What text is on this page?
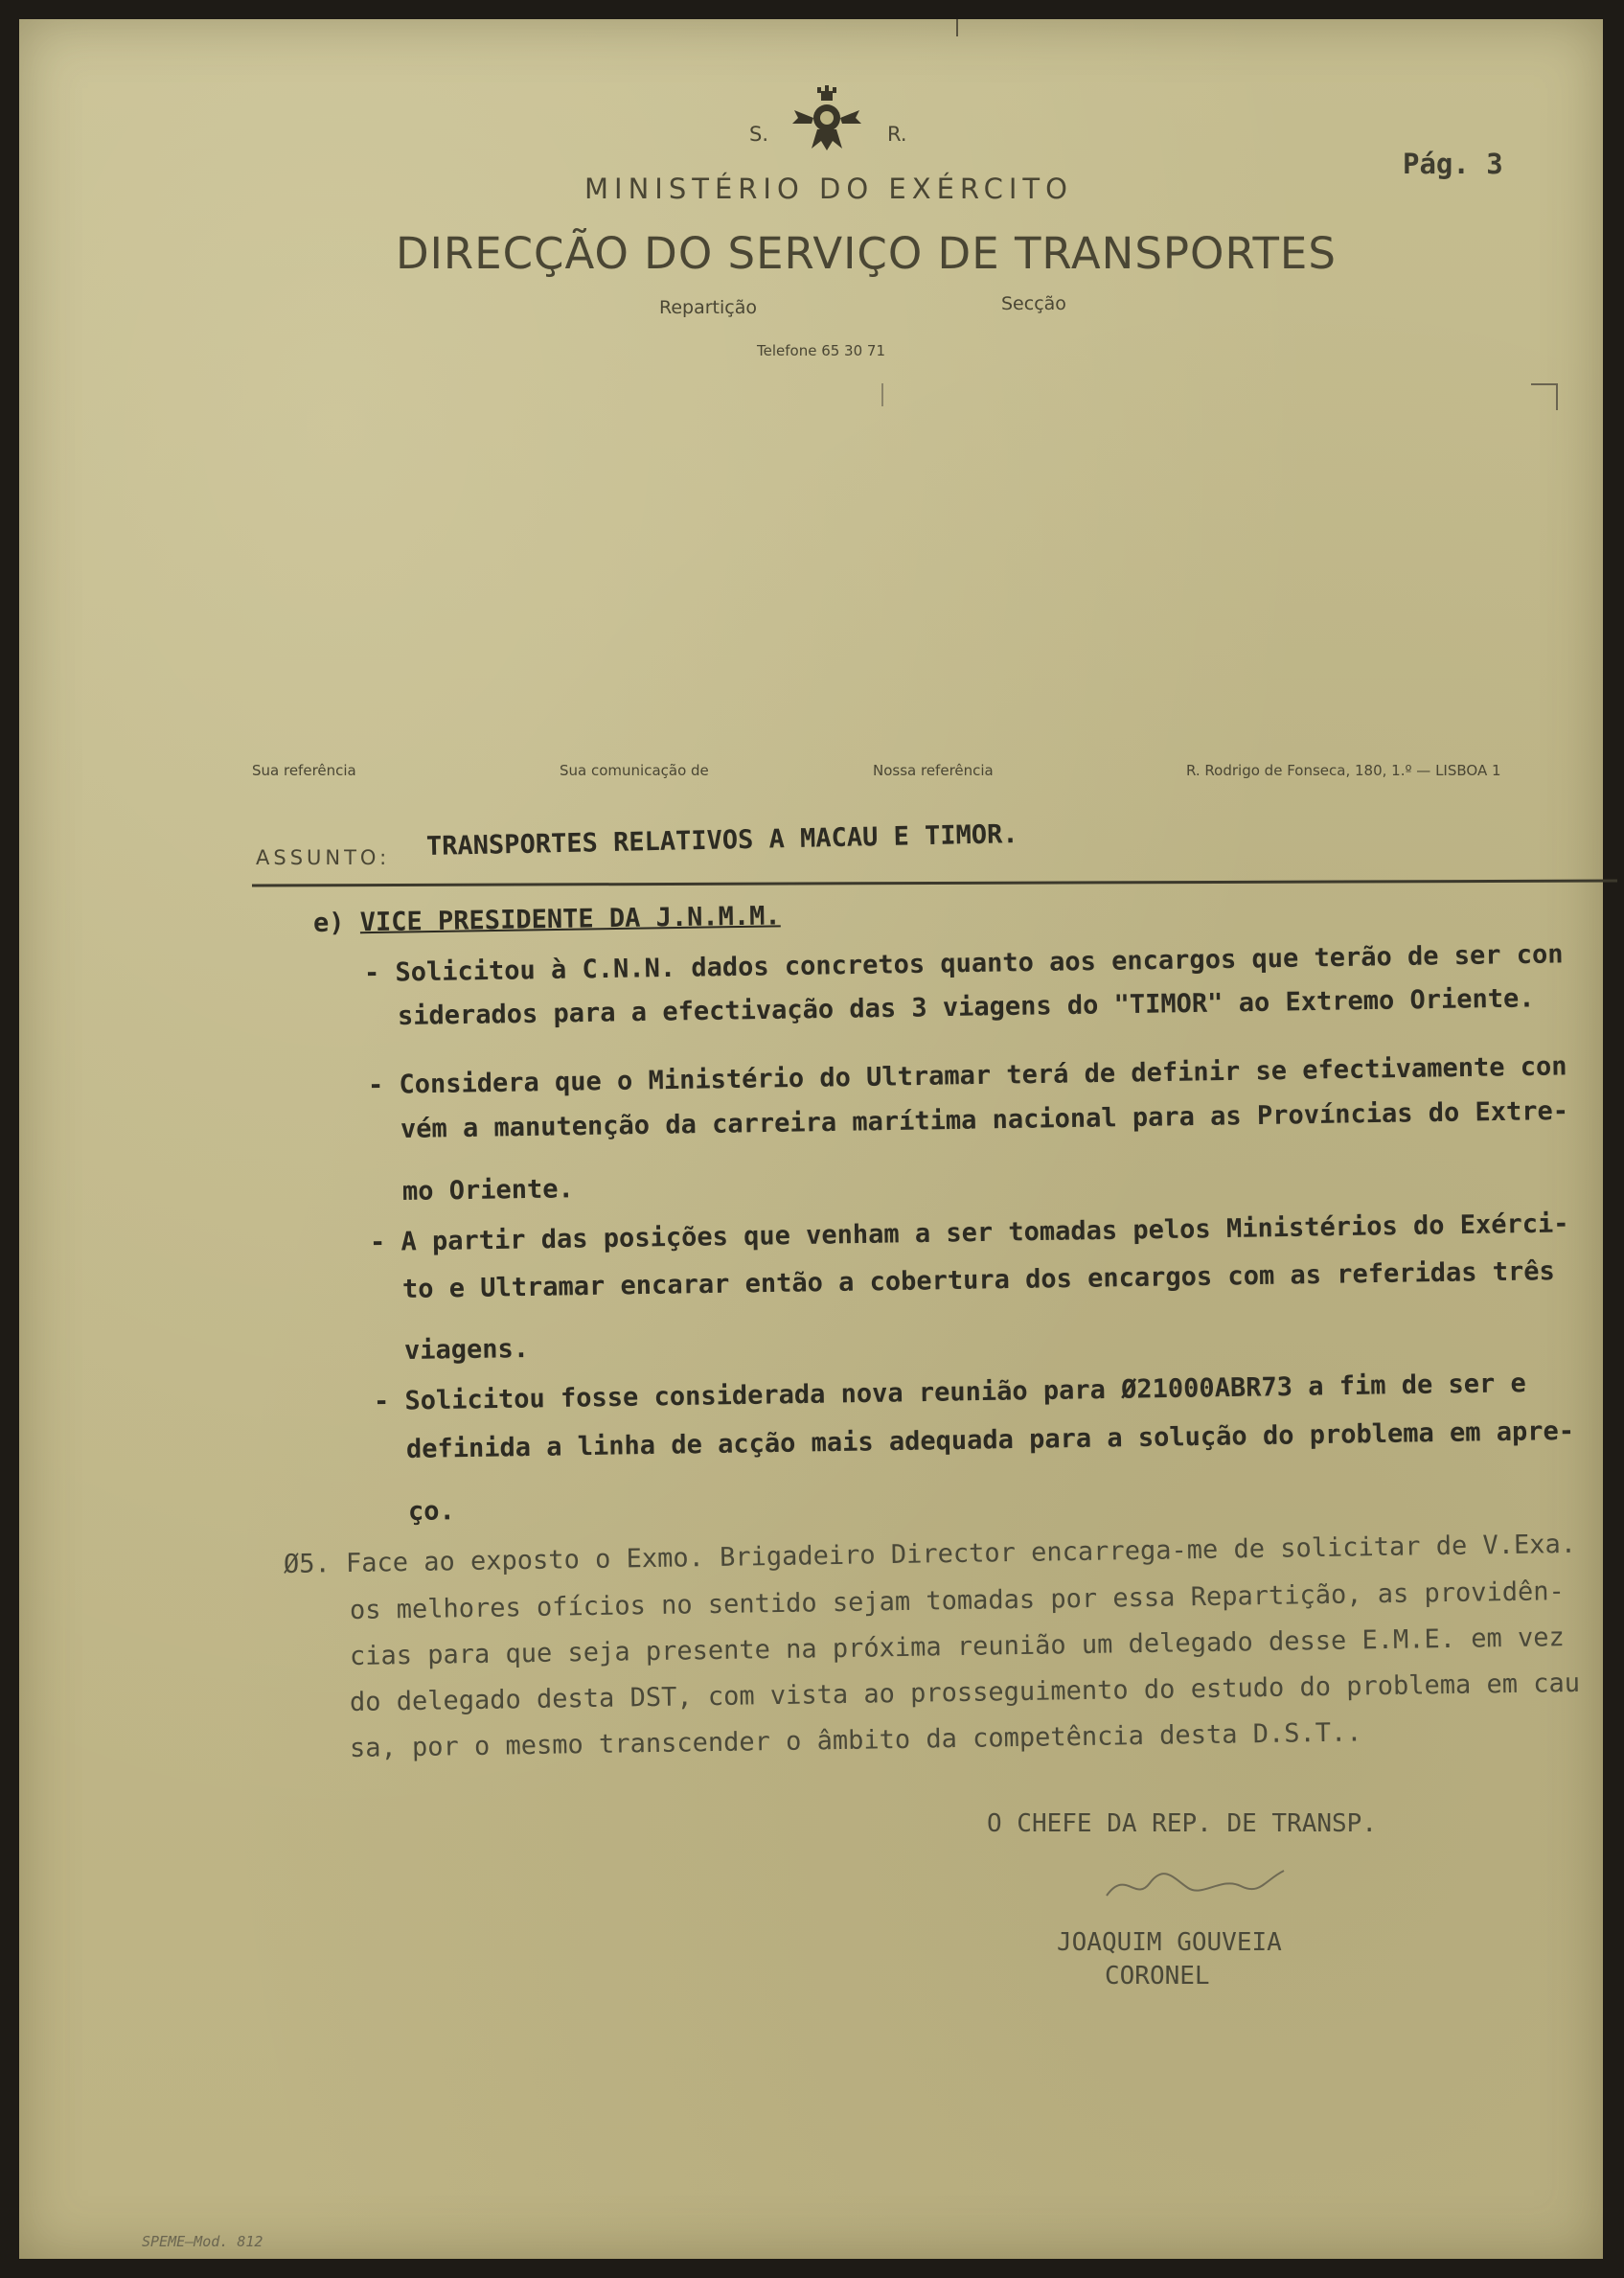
S.	R.
MINISTÉRIO DO EXÉRCITO
DIRECÇÃO DO SERVIÇO DE TRANSPORTES
Repartição	Secção
Telefone 65 30 71
Pág. 3
Sua referência	Sua comunicação de	Nossa referência	R. Rodrigo de Fonseca, 180, 1.º — LISBOA 1
ASSUNTO: TRANSPORTES RELATIVOS A MACAU E TIMOR.
e) VICE PRESIDENTE DA J.N.M.M.
- Solicitou à C.N.N. dados concretos quanto aos encargos que terão de ser con
siderados para a efectivação das 3 viagens do "TIMOR" ao Extremo Oriente.
- Considera que o Ministério do Ultramar terá de definir se efectivamente con
vém a manutenção da carreira marítima nacional para as Províncias do Extre-
mo Oriente.
- A partir das posições que venham a ser tomadas pelos Ministérios do Exérci-
to e Ultramar encarar então a cobertura dos encargos com as referidas três
viagens.
- Solicitou fosse considerada nova reunião para Ø21000ABR73 a fim de ser e
definida a linha de acção mais adequada para a solução do problema em apre-
ço.
Ø5. Face ao exposto o Exmo. Brigadeiro Director encarrega-me de solicitar de V.Exa.
os melhores ofícios no sentido sejam tomadas por essa Repartição, as providên-
cias para que seja presente na próxima reunião um delegado desse E.M.E. em vez
do delegado desta DST, com vista ao prosseguimento do estudo do problema em cau
sa, por o mesmo transcender o âmbito da competência desta D.S.T..
O CHEFE DA REP. DE TRANSP.
JOAQUIM GOUVEIA
CORONEL
SPEME—Mod. 812
